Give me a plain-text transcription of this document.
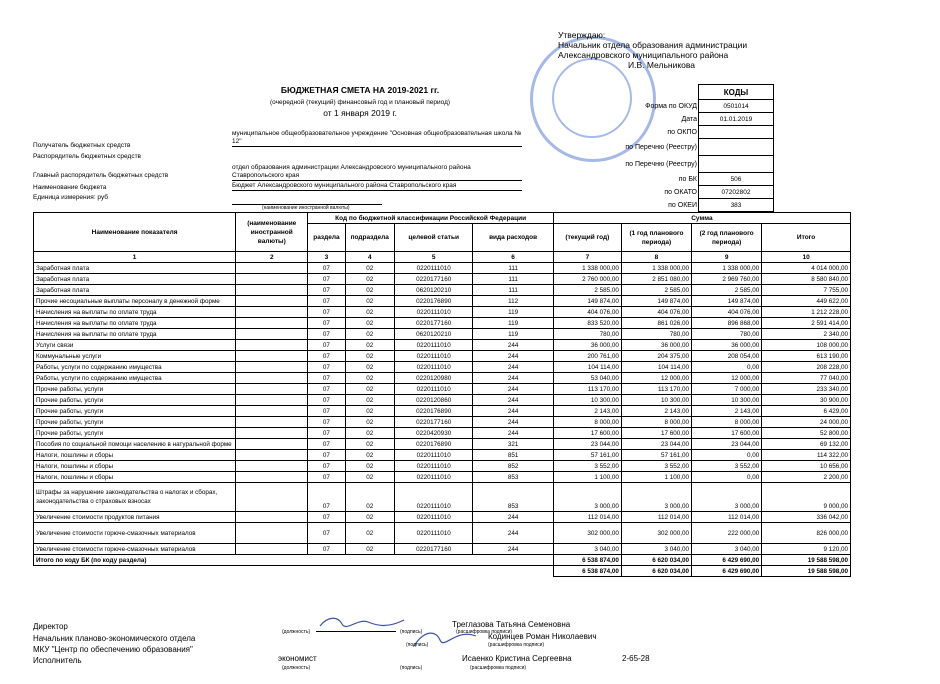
Утверждаю:
Начальник отдела образования администрации
Александровского муниципального района
И.В. Мельникова
БЮДЖЕТНАЯ СМЕТА НА 2019-2021 гг.
(очередной (текущий) финансовый год и плановый период)
от 1 января 2019 г.
	КОДЫ
Форма по ОКУД	0501014
Дата	01.01.2019
по ОКПО	
по Перечню (Реестру)	
по Перечню (Реестру)	
по БК	506
по ОКАТО	07202802
по ОКЕИ	383
Получатель бюджетных средств
муниципальное общеобразовательное учреждение "Основная общеобразовательная школа № 12"
Распорядитель бюджетных средств
Главный распорядитель бюджетных средств
отдел образования администрации Александровского муниципального района Ставропольского края
Наименование бюджета	Бюджет Александровского муниципального района Ставропольского края
Единица измерения: руб
(наименование иностранной валюты)
Наименование показателя	(наименование иностранной валюты)	Код по бюджетной классификации Российской Федерации				Сумма			
		раздела	подраздела	целевой статьи	вида расходов	(текущий год)	(1 год планового периода)	(2 год планового периода)	Итого
1	2	3	4	5	6	7	8	9	10
Заработная плата		07	02	0220111010	111	1 338 000,00	1 338 000,00	1 338 000,00	4 014 000,00
Заработная плата		07	02	0220177160	111	2 760 000,00	2 851 080,00	2 969 760,00	8 580 840,00
Заработная плата		07	02	0620120210	111	2 585,00	2 585,00	2 585,00	7 755,00
Прочие несоциальные выплаты персоналу в денежной форме		07	02	0220176890	112	149 874,00	149 874,00	149 874,00	449 622,00
Начисления на выплаты по оплате труда		07	02	0220111010	119	404 076,00	404 076,00	404 076,00	1 212 228,00
Начисления на выплаты по оплате труда		07	02	0220177160	119	833 520,00	861 026,00	896 868,00	2 591 414,00
Начисления на выплаты по оплате труда		07	02	0620120210	119	780,00	780,00	780,00	2 340,00
Услуги связи		07	02	0220111010	244	36 000,00	36 000,00	36 000,00	108 000,00
Коммунальные услуги		07	02	0220111010	244	200 761,00	204 375,00	208 054,00	613 190,00
Работы, услуги по содержанию имущества		07	02	0220111010	244	104 114,00	104 114,00	0,00	208 228,00
Работы, услуги по содержанию имущества		07	02	0220120980	244	53 040,00	12 000,00	12 000,00	77 040,00
Прочие работы, услуги		07	02	0220111010	244	113 170,00	113 170,00	7 000,00	233 340,00
Прочие работы, услуги		07	02	0220120860	244	10 300,00	10 300,00	10 300,00	30 900,00
Прочие работы, услуги		07	02	0220176890	244	2 143,00	2 143,00	2 143,00	6 429,00
Прочие работы, услуги		07	02	0220177160	244	8 000,00	8 000,00	8 000,00	24 000,00
Прочие работы, услуги		07	02	0220420930	244	17 600,00	17 600,00	17 600,00	52 800,00
Пособия по социальной помощи населению в натуральной форме		07	02	0220176890	321	23 044,00	23 044,00	23 044,00	69 132,00
Налоги, пошлины и сборы		07	02	0220111010	851	57 161,00	57 161,00	0,00	114 322,00
Налоги, пошлины и сборы		07	02	0220111010	852	3 552,00	3 552,00	3 552,00	10 656,00
Налоги, пошлины и сборы		07	02	0220111010	853	1 100,00	1 100,00	0,00	2 200,00
Штрафы за нарушение законодательства о налогах и сборах, законодательства о страховых взносах		07	02	0220111010	853	3 000,00	3 000,00	3 000,00	9 000,00
Увеличение стоимости продуктов питания		07	02	0220111010	244	112 014,00	112 014,00	112 014,00	336 042,00
Увеличение стоимости горюче-смазочных материалов		07	02	0220111010	244	302 000,00	302 000,00	222 000,00	826 000,00
Увеличение стоимости горюче-смазочных материалов		07	02	0220177160	244	3 040,00	3 040,00	3 040,00	9 120,00
Итого по коду БК (по коду раздела)						6 538 874,00	6 620 034,00	6 429 690,00	19 588 598,00
						6 538 874,00	6 620 034,00	6 429 690,00	19 588 598,00
Директор	Треглазова Татьяна Семеновна
(должность)	(подпись)	(расшифровка подписи)
Начальник планово-экономического отдела
МКУ "Центр по обеспечению образования"
Кодинцев Роман Николаевич
(подпись)	(расшифровка подписи)
Исполнитель	экономист	Исаенко Кристина Сергеевна	2-65-28
(должность)	(подпись)	(расшифровка подписи)
